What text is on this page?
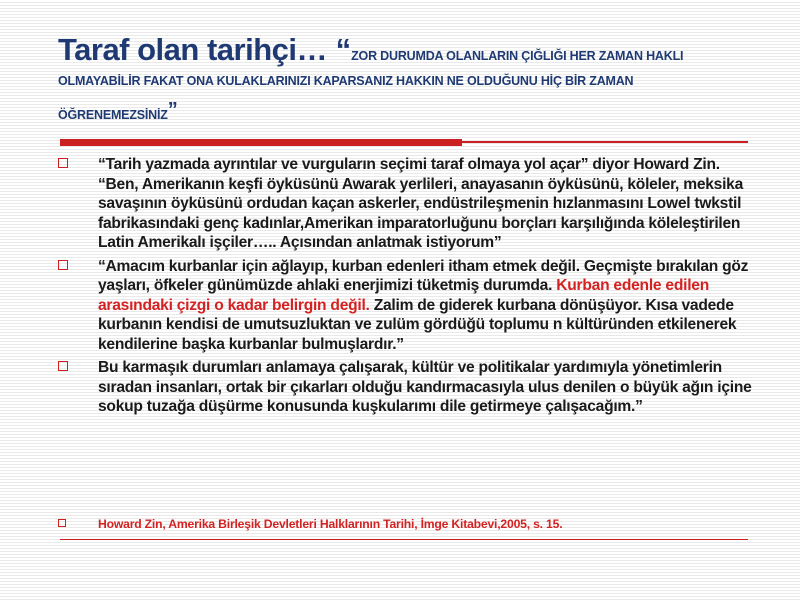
Taraf olan tarihçi… “ZOR DURUMDA OLANLARIN ÇIĞLIĞI HER ZAMAN HAKLI
OLMAYABİLİR FAKAT ONA KULAKLARINIZI KAPARSANIZ HAKKIN NE OLDUĞUNU HİÇ BİR ZAMAN
ÖĞRENEMEZSİNİZ”
“Tarih yazmada ayrıntılar ve vurguların seçimi taraf olmaya yol açar” diyor Howard Zin. “Ben, Amerikanın keşfi öyküsünü Awarak yerlileri, anayasanın öyküsünü, köleler, meksika savaşının öyküsünü ordudan kaçan askerler, endüstrileşmenin hızlanmasını Lowel twkstil fabrikasındaki genç kadınlar,Amerikan imparatorluğunu borçları karşılığında köleleştirilen Latin Amerikalı işçiler….. Açısından anlatmak istiyorum”
“Amacım kurbanlar için ağlayıp, kurban edenleri itham etmek değil. Geçmişte bırakılan göz yaşları, öfkeler günümüzde ahlaki enerjimizi tüketmiş durumda. Kurban edenle edilen arasındaki çizgi o kadar belirgin değil. Zalim de giderek kurbana dönüşüyor. Kısa vadede kurbanın kendisi de umutsuzluktan ve zulüm gördüğü toplumu n kültüründen etkilenerek kendilerine başka kurbanlar bulmuşlardır.”
Bu karmaşık durumları anlamaya çalışarak, kültür ve politikalar yardımıyla yönetimlerin sıradan insanları, ortak bir çıkarları olduğu kandırmacasıyla ulus denilen o büyük ağın içine sokup tuzağa düşürme konusunda kuşkularımı dile getirmeye çalışacağım.”
Howard Zin, Amerika Birleşik Devletleri Halklarının Tarihi, İmge Kitabevi,2005, s. 15.
